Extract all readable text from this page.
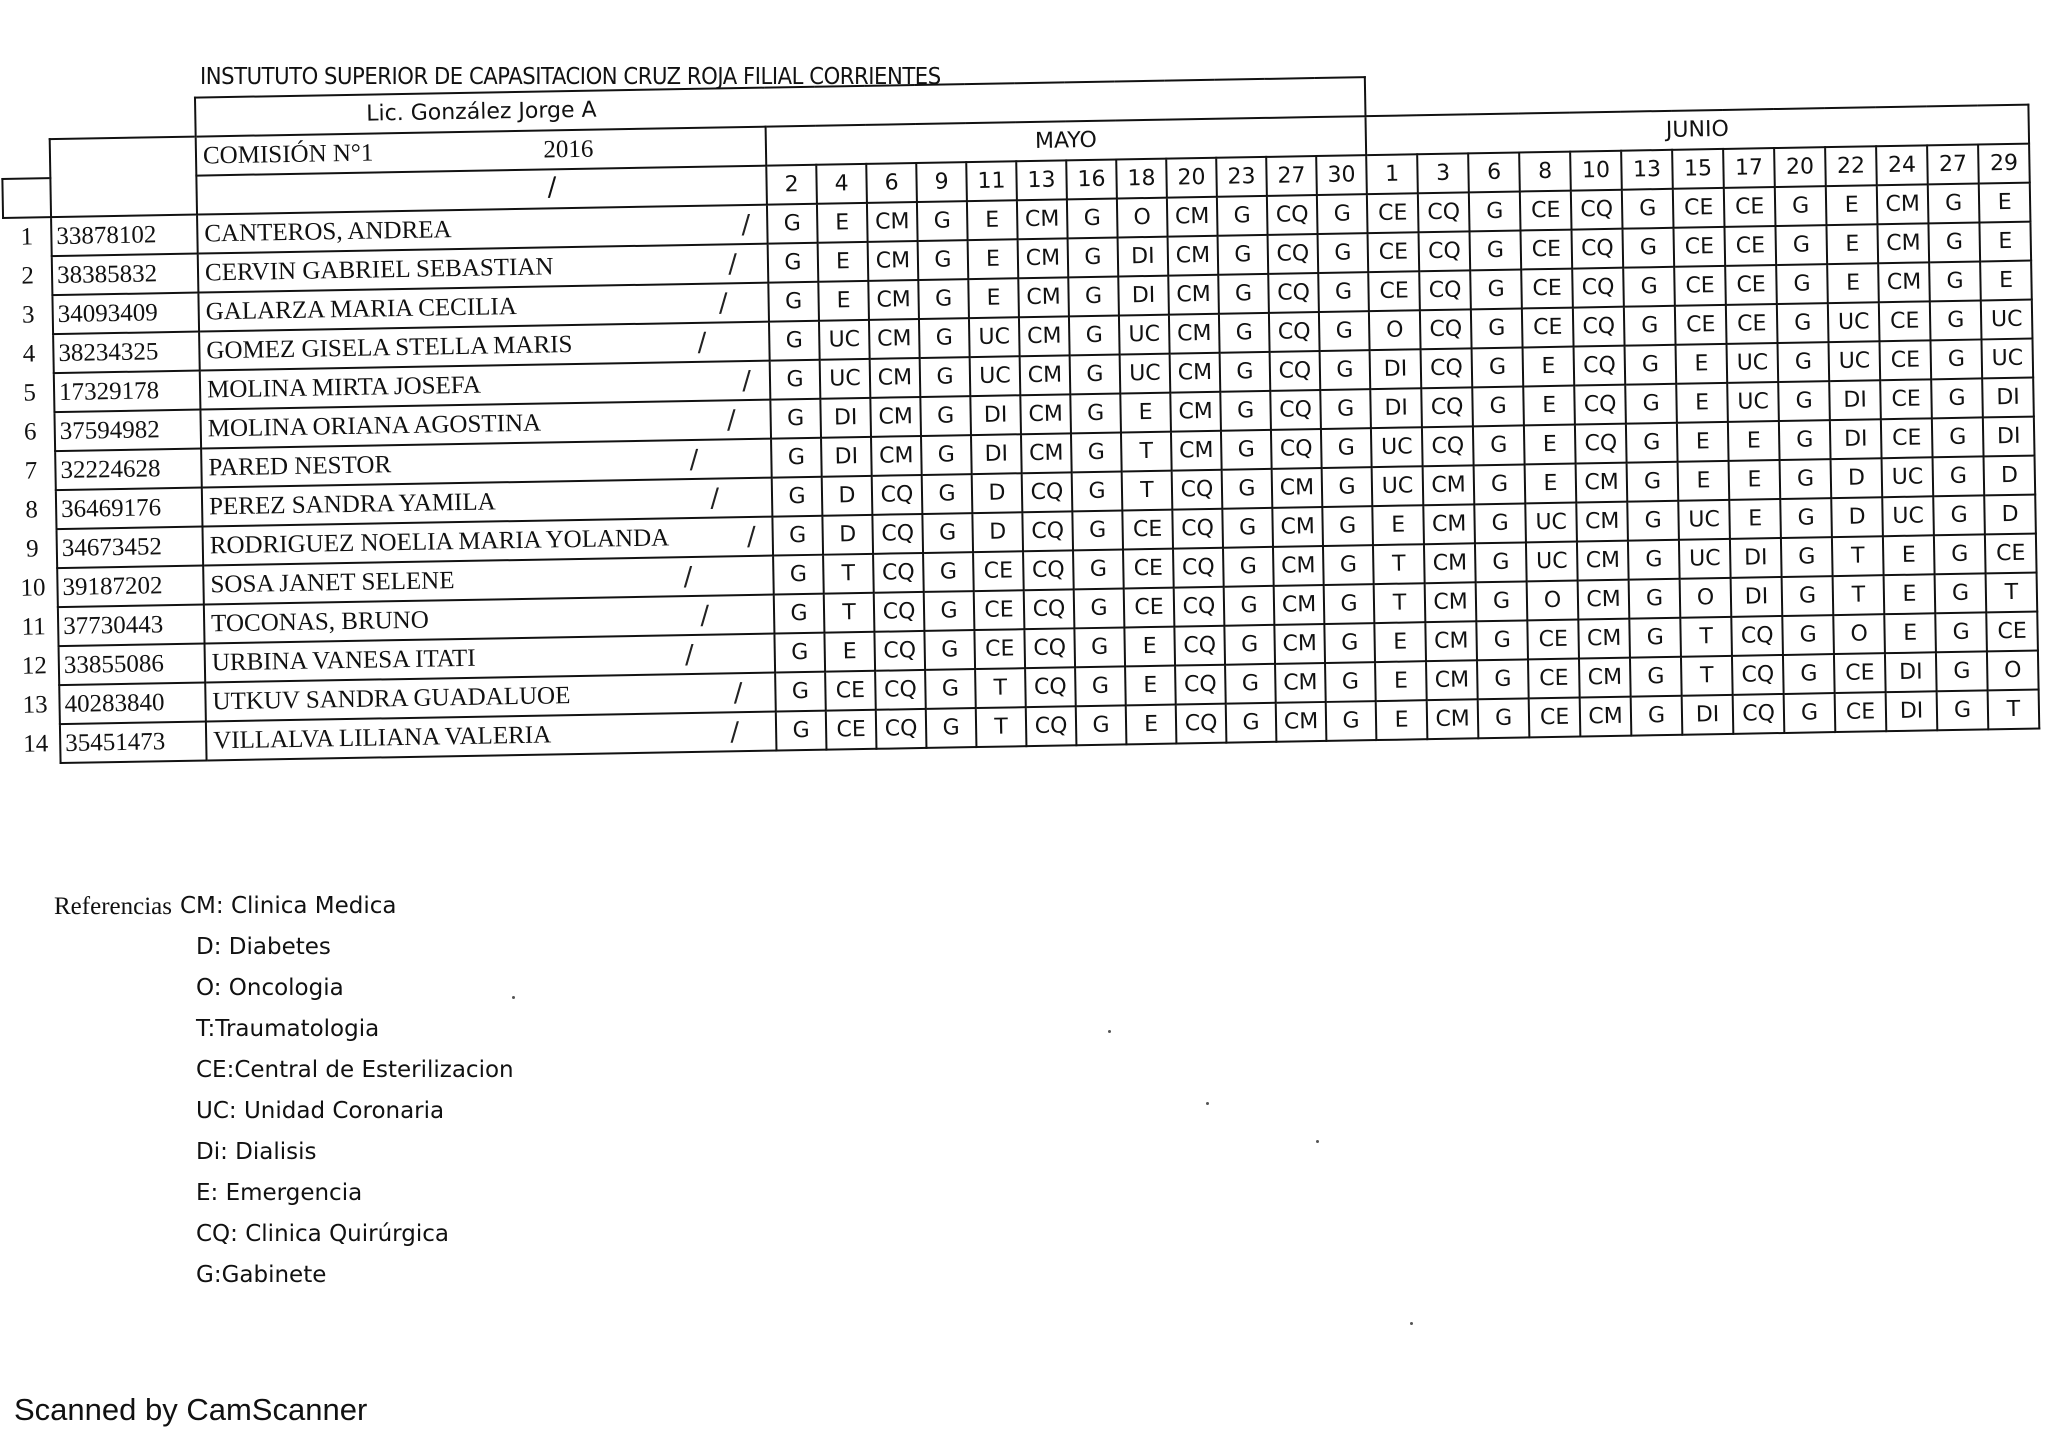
INSTUTUTO SUPERIOR DE CAPASITACION CRUZ ROJA FILIAL CORRIENTES
		Lic. González Jorge A																									
		COMISIÓN N°1 2016	MAYO												JUNIO												

		/	2	4	6	9	11	13	16	18	20	23	27	30	1	3	6	8	10	13	15	17	20	22	24	27	29
1	33878102	CANTEROS, ANDREA /	G	E	CM	G	E	CM	G	O	CM	G	CQ	G	CE	CQ	G	CE	CQ	G	CE	CE	G	E	CM	G	E
2	38385832	CERVIN GABRIEL SEBASTIAN /	G	E	CM	G	E	CM	G	DI	CM	G	CQ	G	CE	CQ	G	CE	CQ	G	CE	CE	G	E	CM	G	E
3	34093409	GALARZA MARIA CECILIA /	G	E	CM	G	E	CM	G	DI	CM	G	CQ	G	CE	CQ	G	CE	CQ	G	CE	CE	G	E	CM	G	E
4	38234325	GOMEZ GISELA STELLA MARIS /	G	UC	CM	G	UC	CM	G	UC	CM	G	CQ	G	O	CQ	G	CE	CQ	G	CE	CE	G	UC	CE	G	UC
5	17329178	MOLINA MIRTA JOSEFA /	G	UC	CM	G	UC	CM	G	UC	CM	G	CQ	G	DI	CQ	G	E	CQ	G	E	UC	G	UC	CE	G	UC
6	37594982	MOLINA ORIANA AGOSTINA /	G	DI	CM	G	DI	CM	G	E	CM	G	CQ	G	DI	CQ	G	E	CQ	G	E	UC	G	DI	CE	G	DI
7	32224628	PARED NESTOR /	G	DI	CM	G	DI	CM	G	T	CM	G	CQ	G	UC	CQ	G	E	CQ	G	E	E	G	DI	CE	G	DI
8	36469176	PEREZ SANDRA YAMILA /	G	D	CQ	G	D	CQ	G	T	CQ	G	CM	G	UC	CM	G	E	CM	G	E	E	G	D	UC	G	D
9	34673452	RODRIGUEZ NOELIA MARIA YOLANDA /	G	D	CQ	G	D	CQ	G	CE	CQ	G	CM	G	E	CM	G	UC	CM	G	UC	E	G	D	UC	G	D
10	39187202	SOSA JANET SELENE /	G	T	CQ	G	CE	CQ	G	CE	CQ	G	CM	G	T	CM	G	UC	CM	G	UC	DI	G	T	E	G	CE
11	37730443	TOCONAS, BRUNO /	G	T	CQ	G	CE	CQ	G	CE	CQ	G	CM	G	T	CM	G	O	CM	G	O	DI	G	T	E	G	T
12	33855086	URBINA VANESA ITATI /	G	E	CQ	G	CE	CQ	G	E	CQ	G	CM	G	E	CM	G	CE	CM	G	T	CQ	G	O	E	G	CE
13	40283840	UTKUV SANDRA GUADALUOE /	G	CE	CQ	G	T	CQ	G	E	CQ	G	CM	G	E	CM	G	CE	CM	G	T	CQ	G	CE	DI	G	O
14	35451473	VILLALVA LILIANA VALERIA /	G	CE	CQ	G	T	CQ	G	E	CQ	G	CM	G	E	CM	G	CE	CM	G	DI	CQ	G	CE	DI	G	T
Referencias CM: Clinica Medica
D: Diabetes
O: Oncologia
T:Traumatologia
CE:Central de Esterilizacion
UC: Unidad Coronaria
Di: Dialisis
E: Emergencia
CQ: Clinica Quirúrgica
G:Gabinete
Scanned by CamScanner
